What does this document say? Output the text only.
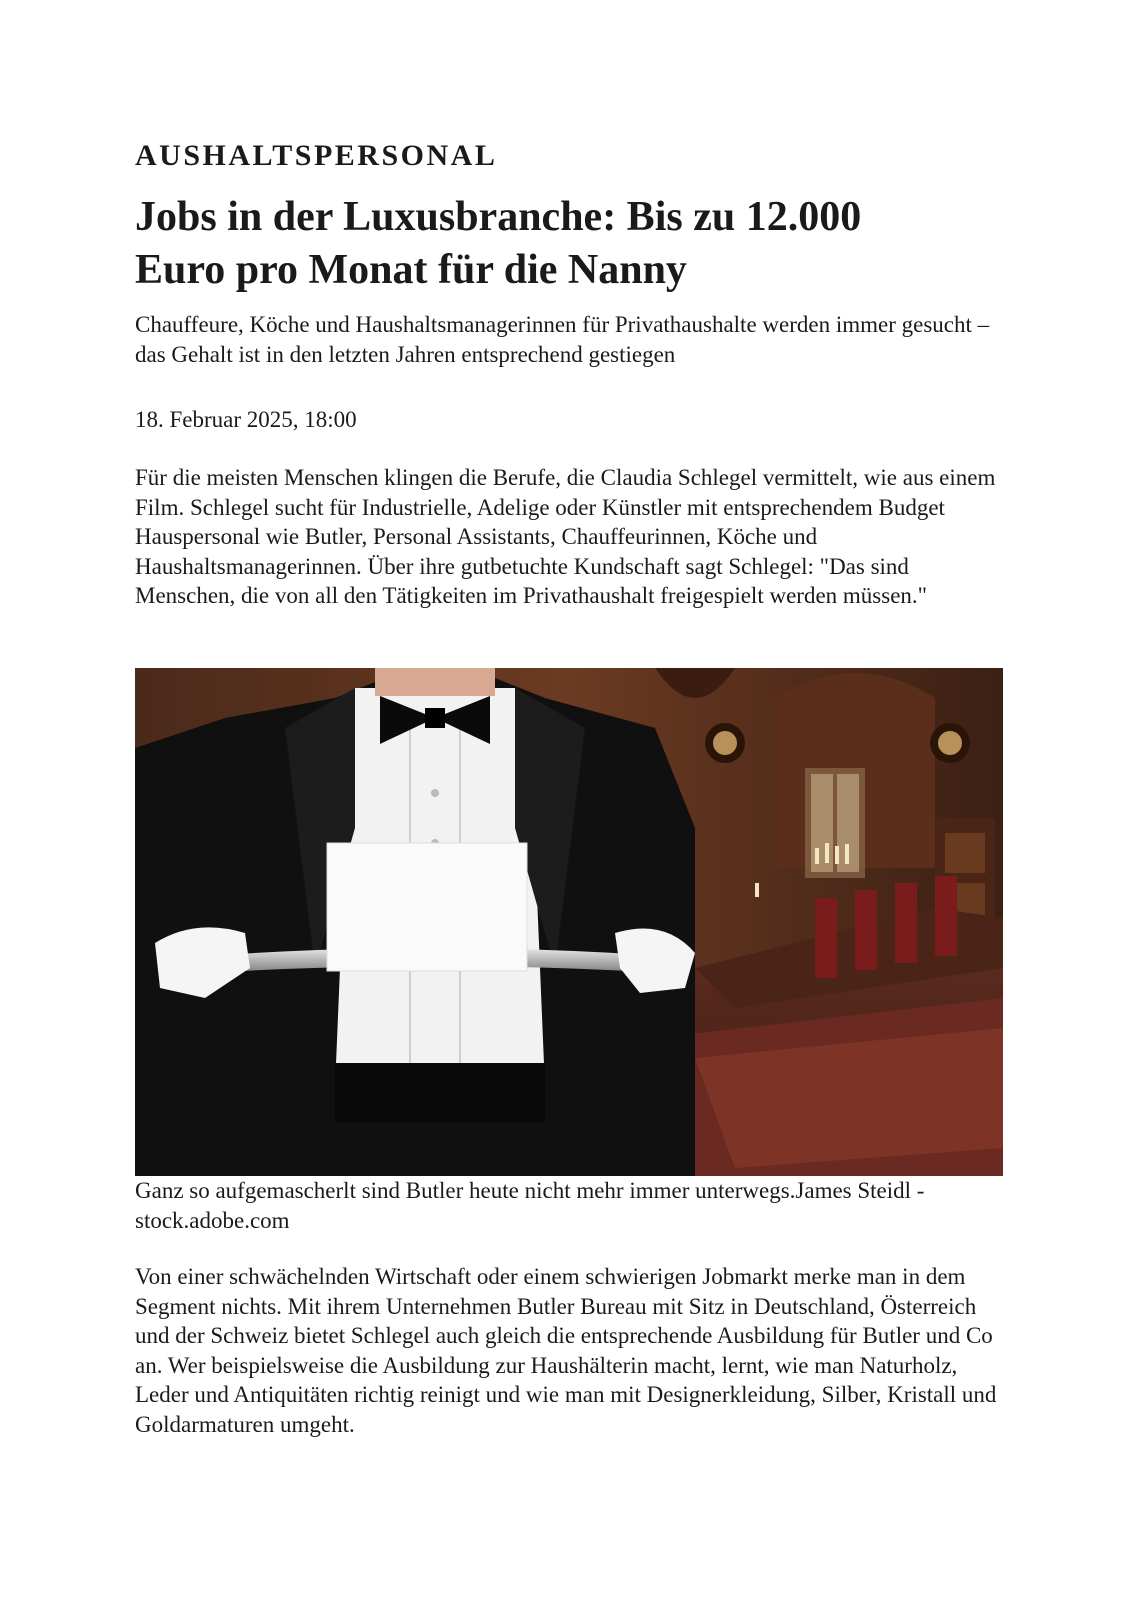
AUSHALTSPERSONAL
Jobs in der Luxusbranche: Bis zu 12.000
Euro pro Monat für die Nanny
Chauffeure, Köche und Haushaltsmanagerinnen für Privathaushalte werden immer gesucht – das Gehalt ist in den letzten Jahren entsprechend gestiegen
18. Februar 2025, 18:00
Für die meisten Menschen klingen die Berufe, die Claudia Schlegel vermittelt, wie aus einem Film. Schlegel sucht für Industrielle, Adelige oder Künstler mit entsprechendem Budget Hauspersonal wie Butler, Personal Assistants, Chauffeurinnen, Köche und Haushaltsmanagerinnen. Über ihre gutbetuchte Kundschaft sagt Schlegel: "Das sind Menschen, die von all den Tätigkeiten im Privathaushalt freigespielt werden müssen."
Ganz so aufgemascherlt sind Butler heute nicht mehr immer unterwegs.James Steidl - stock.adobe.com
Von einer schwächelnden Wirtschaft oder einem schwierigen Jobmarkt merke man in dem Segment nichts. Mit ihrem Unternehmen Butler Bureau mit Sitz in Deutschland, Österreich und der Schweiz bietet Schlegel auch gleich die entsprechende Ausbildung für Butler und Co an. Wer beispielsweise die Ausbildung zur Haushälterin macht, lernt, wie man Naturholz, Leder und Antiquitäten richtig reinigt und wie man mit Designerkleidung, Silber, Kristall und Goldarmaturen umgeht.
